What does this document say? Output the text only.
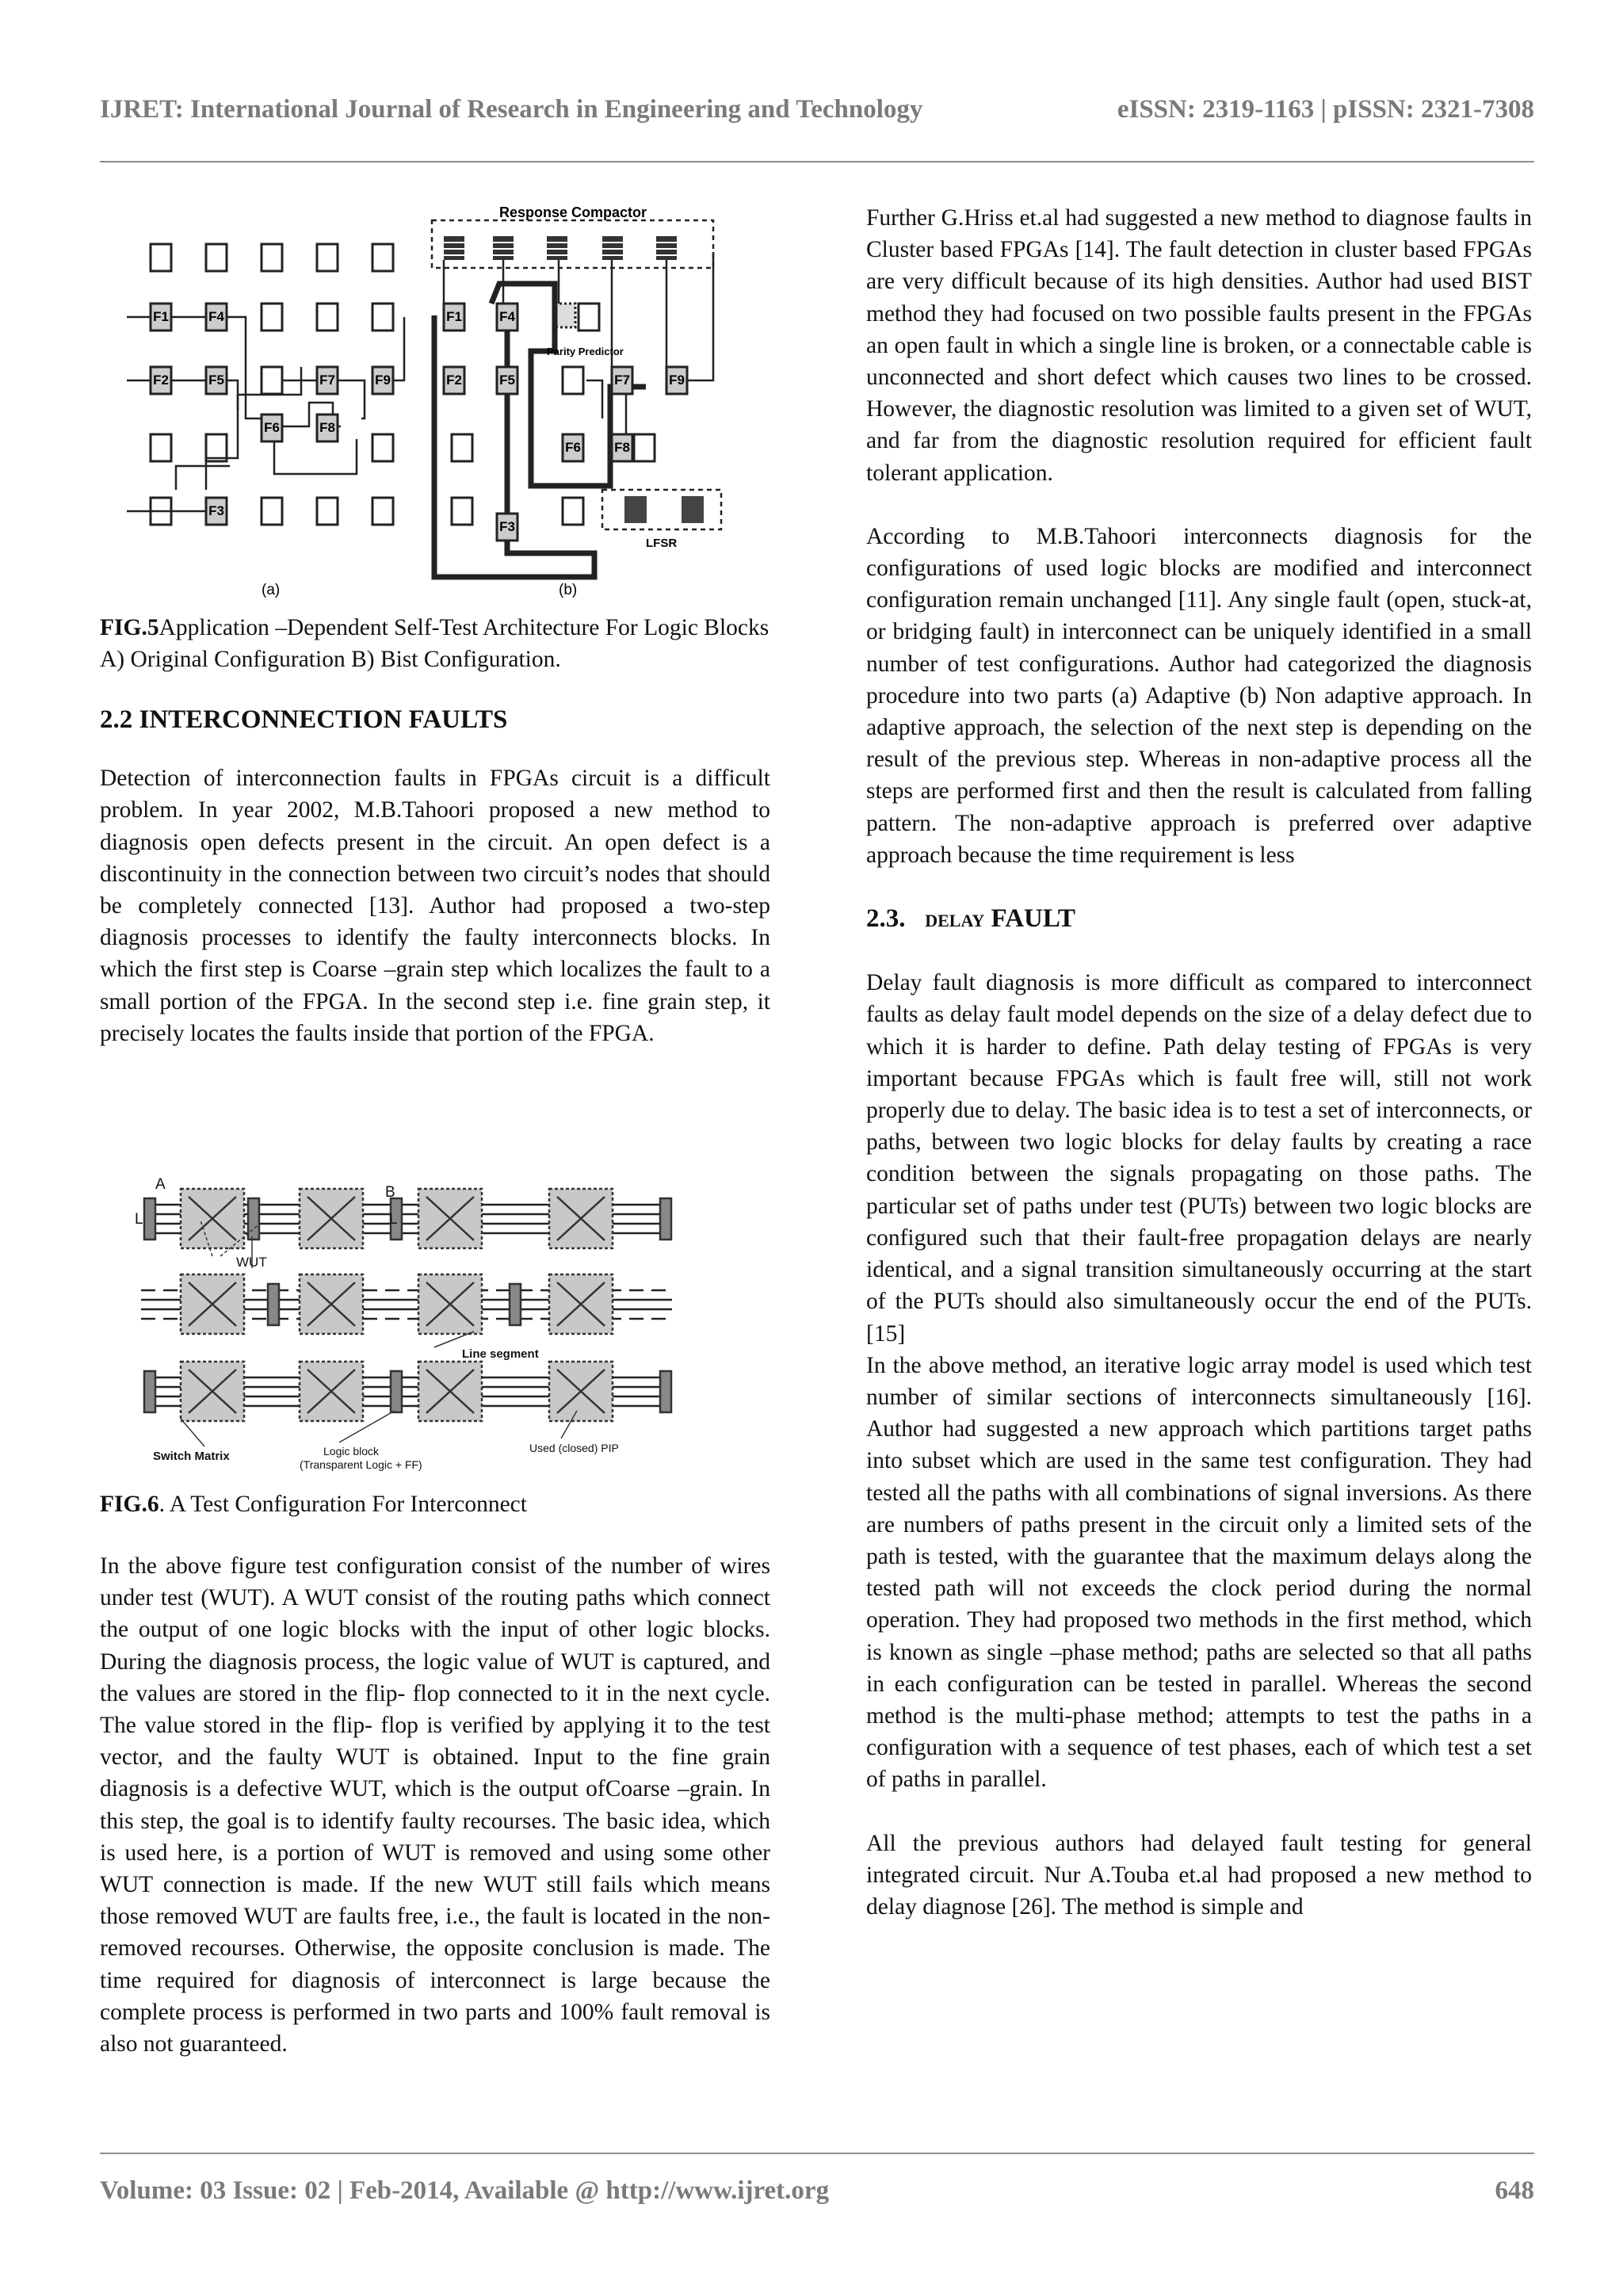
IJRET: International Journal of Research in Engineering and Technology	eISSN: 2319-1163 | pISSN: 2321-7308
F1	F4
F2	F5	F7	F9
F6	F8
F3
F1	F4
F2	F5	F7	F9
F6 F8
F3
Response Compactor
Parity Predictor
LFSR
(a)	(b)

FIG.5Application –Dependent Self-Test Architecture For Logic Blocks A) Original Configuration B) Bist Configuration.

2.2 INTERCONNECTION FAULTS

Detection of interconnection faults in FPGAs circuit is a difficult problem. In year 2002, M.B.Tahoori proposed a new method to diagnosis open defects present in the circuit. An open defect is a discontinuity in the connection between two circuit’s nodes that should be completely connected [13]. Author had proposed a two-step diagnosis processes to identify the faulty interconnects blocks. In which the first step is Coarse –grain step which localizes the fault to a small portion of the FPGA. In the second step i.e. fine grain step, it precisely locates the faults inside that portion of the FPGA.

A
L
B
L
WUT
Line segment
Switch Matrix	Logic block
(Transparent Logic + FF)
Used (closed) PIP

FIG.6. A Test Configuration For Interconnect

In the above figure test configuration consist of the number of wires under test (WUT). A WUT consist of the routing paths which connect the output of one logic blocks with the input of other logic blocks. During the diagnosis process, the logic value of WUT is captured, and the values are stored in the flip- flop connected to it in the next cycle. The value stored in the flip- flop is verified by applying it to the test vector, and the faulty WUT is obtained. Input to the fine grain diagnosis is a defective WUT, which is the output ofCoarse –grain. In this step, the goal is to identify faulty recourses. The basic idea, which is used here, is a portion of WUT is removed and using some other WUT connection is made. If the new WUT still fails which means those removed WUT are faults free, i.e., the fault is located in the non-removed recourses. Otherwise, the opposite conclusion is made. The time required for diagnosis of interconnect is large because the complete process is performed in two parts and 100% fault removal is also not guaranteed.

Further G.Hriss et.al had suggested a new method to diagnose faults in Cluster based FPGAs [14]. The fault detection in cluster based FPGAs are very difficult because of its high densities. Author had used BIST method they had focused on two possible faults present in the FPGAs an open fault in which a single line is broken, or a connectable cable is unconnected and short defect which causes two lines to be crossed. However, the diagnostic resolution was limited to a given set of WUT, and far from the diagnostic resolution required for efficient fault tolerant application.

According to M.B.Tahoori interconnects diagnosis for the configurations of used logic blocks are modified and interconnect configuration remain unchanged [11]. Any single fault (open, stuck-at, or bridging fault) in interconnect can be uniquely identified in a small number of test configurations. Author had categorized the diagnosis procedure into two parts (a) Adaptive (b) Non adaptive approach. In adaptive approach, the selection of the next step is depending on the result of the previous step. Whereas in non-adaptive process all the steps are performed first and then the result is calculated from falling pattern. The non-adaptive approach is preferred over adaptive approach because the time requirement is less

2.3. DELAY FAULT

Delay fault diagnosis is more difficult as compared to interconnect faults as delay fault model depends on the size of a delay defect due to which it is harder to define. Path delay testing of FPGAs is very important because FPGAs which is fault free will, still not work properly due to delay. The basic idea is to test a set of interconnects, or paths, between two logic blocks for delay faults by creating a race condition between the signals propagating on those paths. The particular set of paths under test (PUTs) between two logic blocks are configured such that their fault-free propagation delays are nearly identical, and a signal transition simultaneously occurring at the start of the PUTs should also simultaneously occur the end of the PUTs. [15]

In the above method, an iterative logic array model is used which test number of similar sections of interconnects simultaneously [16]. Author had suggested a new approach which partitions target paths into subset which are used in the same test configuration. They had tested all the paths with all combinations of signal inversions. As there are numbers of paths present in the circuit only a limited sets of the path is tested, with the guarantee that the maximum delays along the tested path will not exceeds the clock period during the normal operation. They had proposed two methods in the first method, which is known as single –phase method; paths are selected so that all paths in each configuration can be tested in parallel. Whereas the second method is the multi-phase method; attempts to test the paths in a configuration with a sequence of test phases, each of which test a set of paths in parallel.

All the previous authors had delayed fault testing for general integrated circuit. Nur A.Touba et.al had proposed a new method to delay diagnose [26]. The method is simple and

Volume: 03 Issue: 02 | Feb-2014, Available @ http://www.ijret.org	648
